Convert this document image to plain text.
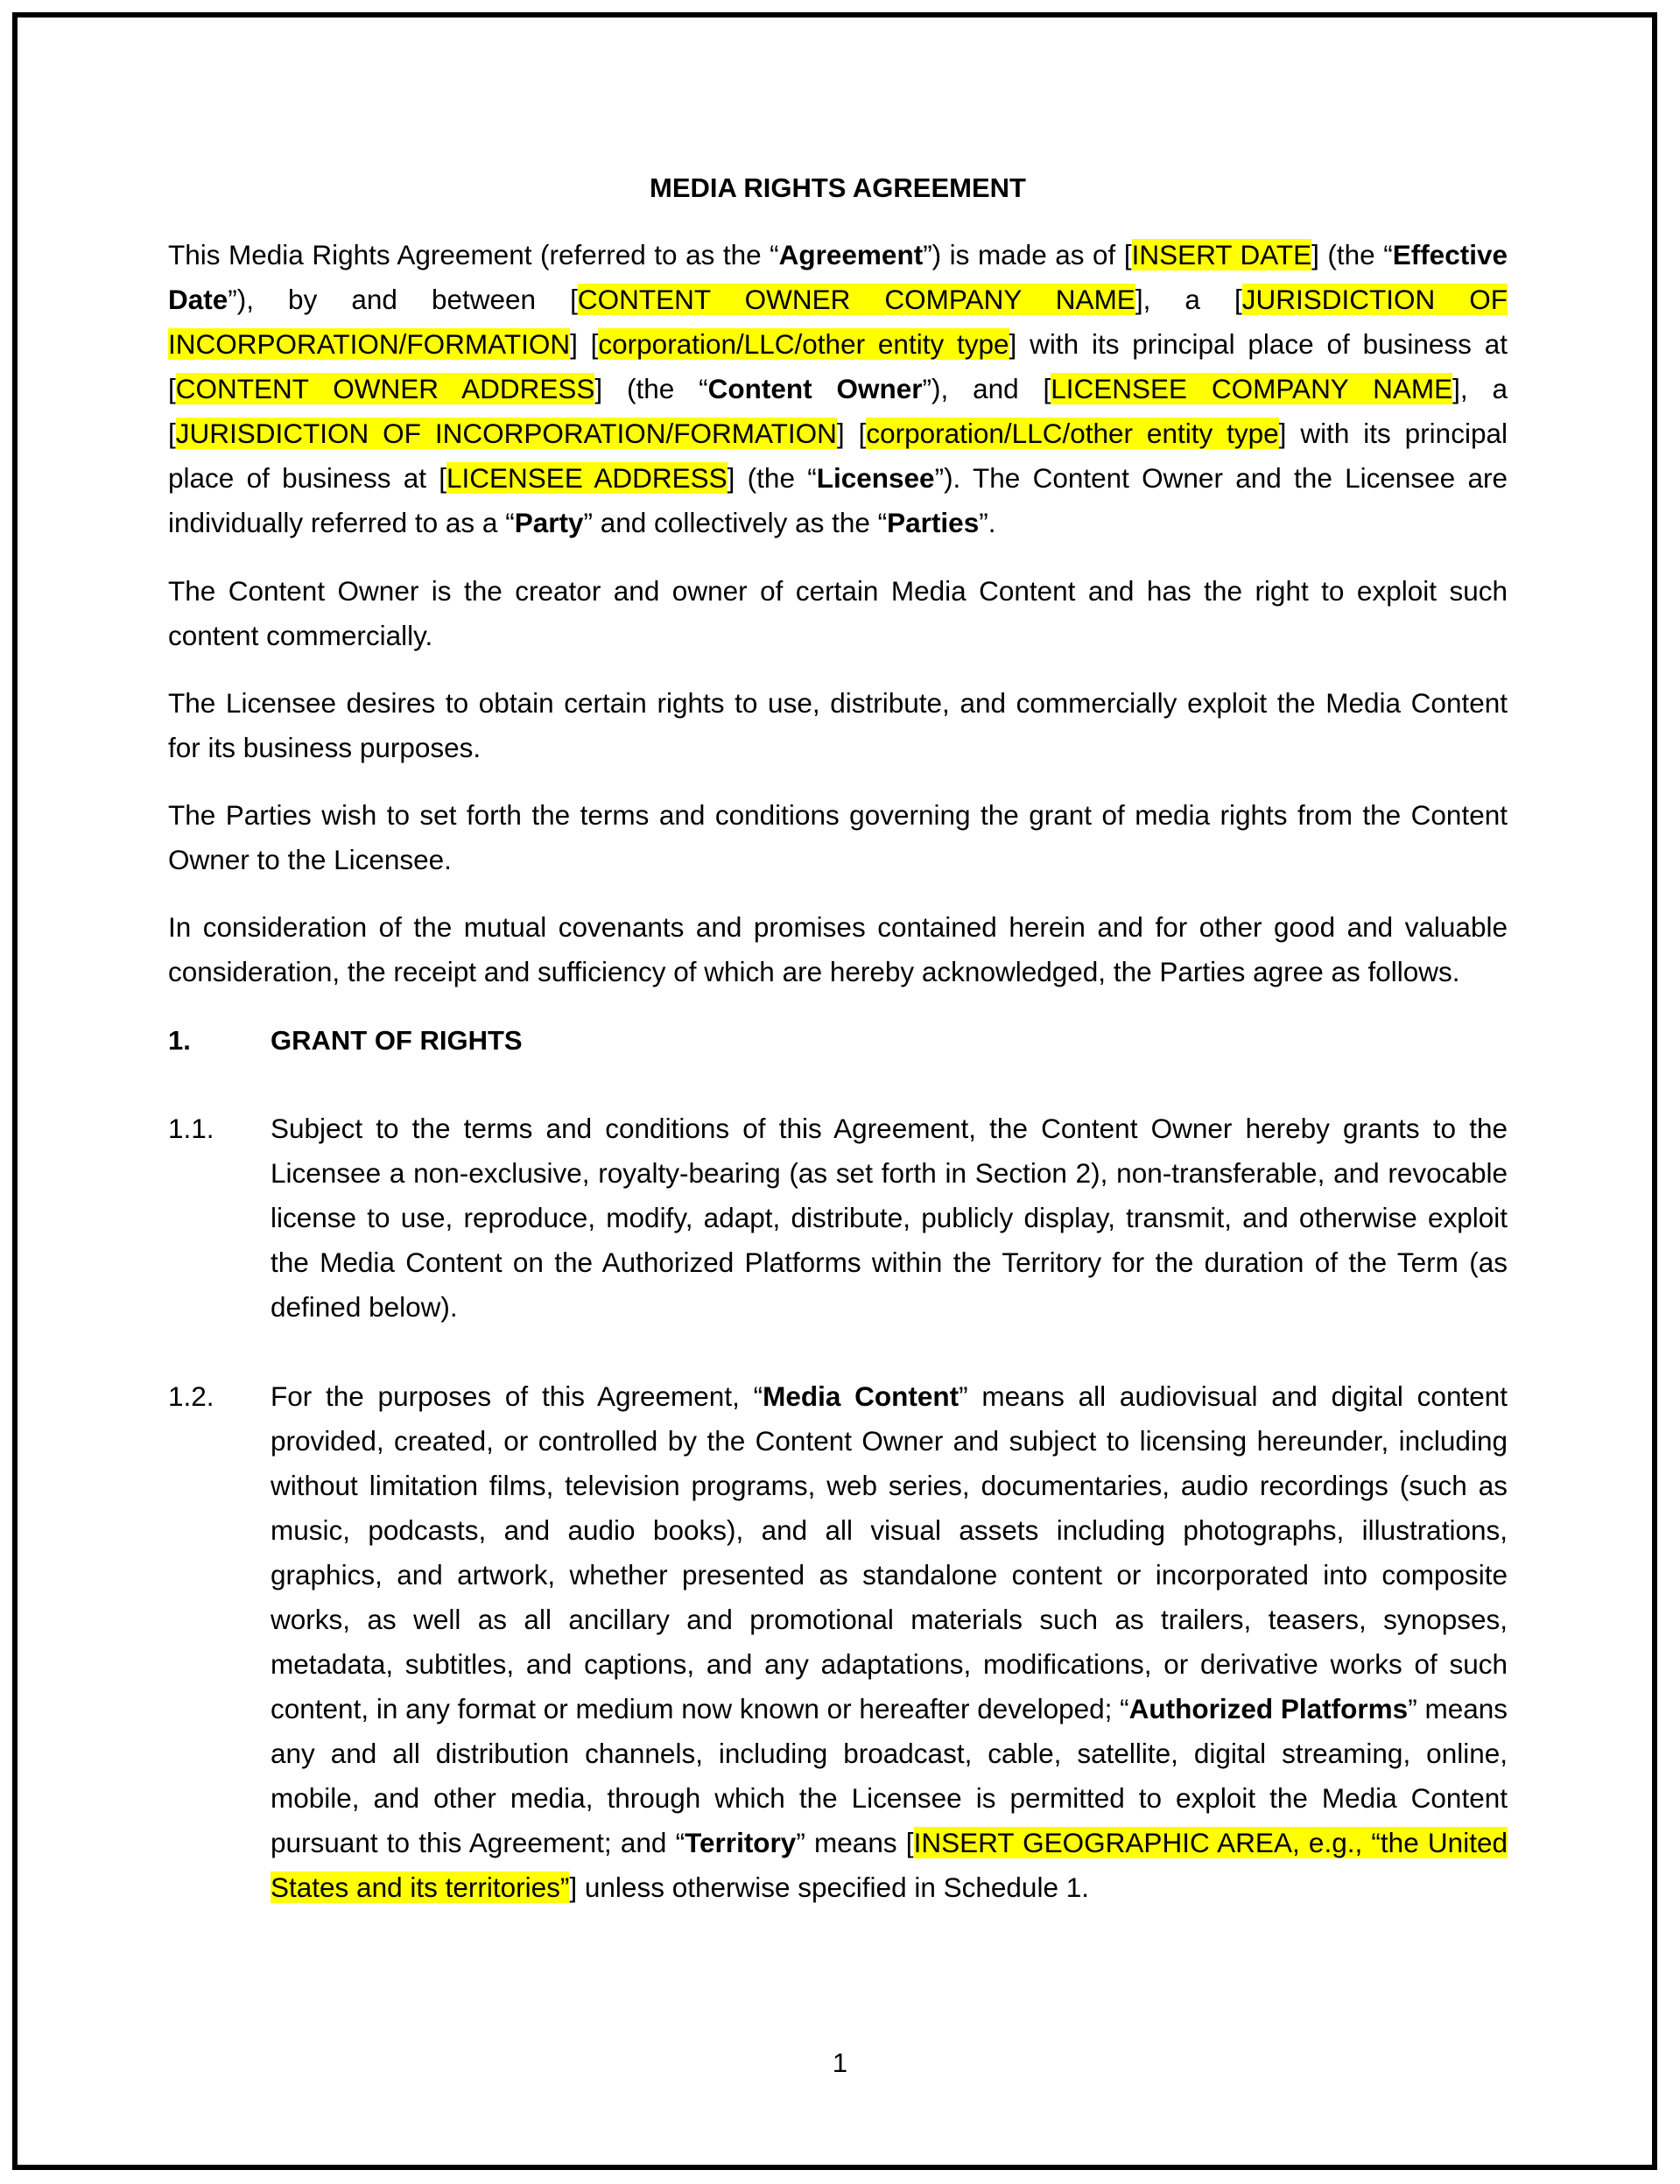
MEDIA RIGHTS AGREEMENT
This Media Rights Agreement (referred to as the “Agreement”) is made as of [INSERT DATE] (the “Effective Date”), by and between [CONTENT OWNER COMPANY NAME], a [JURISDICTION OF INCORPORATION/FORMATION] [corporation/LLC/other entity type] with its principal place of business at [CONTENT OWNER ADDRESS] (the “Content Owner”), and [LICENSEE COMPANY NAME], a [JURISDICTION OF INCORPORATION/FORMATION] [corporation/LLC/other entity type] with its principal place of business at [LICENSEE ADDRESS] (the “Licensee”). The Content Owner and the Licensee are individually referred to as a “Party” and collectively as the “Parties”.
The Content Owner is the creator and owner of certain Media Content and has the right to exploit such content commercially.
The Licensee desires to obtain certain rights to use, distribute, and commercially exploit the Media Content for its business purposes.
The Parties wish to set forth the terms and conditions governing the grant of media rights from the Content Owner to the Licensee.
In consideration of the mutual covenants and promises contained herein and for other good and valuable consideration, the receipt and sufficiency of which are hereby acknowledged, the Parties agree as follows.
1.	GRANT OF RIGHTS
1.1. Subject to the terms and conditions of this Agreement, the Content Owner hereby grants to the Licensee a non-exclusive, royalty-bearing (as set forth in Section 2), non-transferable, and revocable license to use, reproduce, modify, adapt, distribute, publicly display, transmit, and otherwise exploit the Media Content on the Authorized Platforms within the Territory for the duration of the Term (as defined below).
1.2. For the purposes of this Agreement, “Media Content” means all audiovisual and digital content provided, created, or controlled by the Content Owner and subject to licensing hereunder, including without limitation films, television programs, web series, documentaries, audio recordings (such as music, podcasts, and audio books), and all visual assets including photographs, illustrations, graphics, and artwork, whether presented as standalone content or incorporated into composite works, as well as all ancillary and promotional materials such as trailers, teasers, synopses, metadata, subtitles, and captions, and any adaptations, modifications, or derivative works of such content, in any format or medium now known or hereafter developed; “Authorized Platforms” means any and all distribution channels, including broadcast, cable, satellite, digital streaming, online, mobile, and other media, through which the Licensee is permitted to exploit the Media Content pursuant to this Agreement; and “Territory” means [INSERT GEOGRAPHIC AREA, e.g., “the United States and its territories”] unless otherwise specified in Schedule 1.
1
